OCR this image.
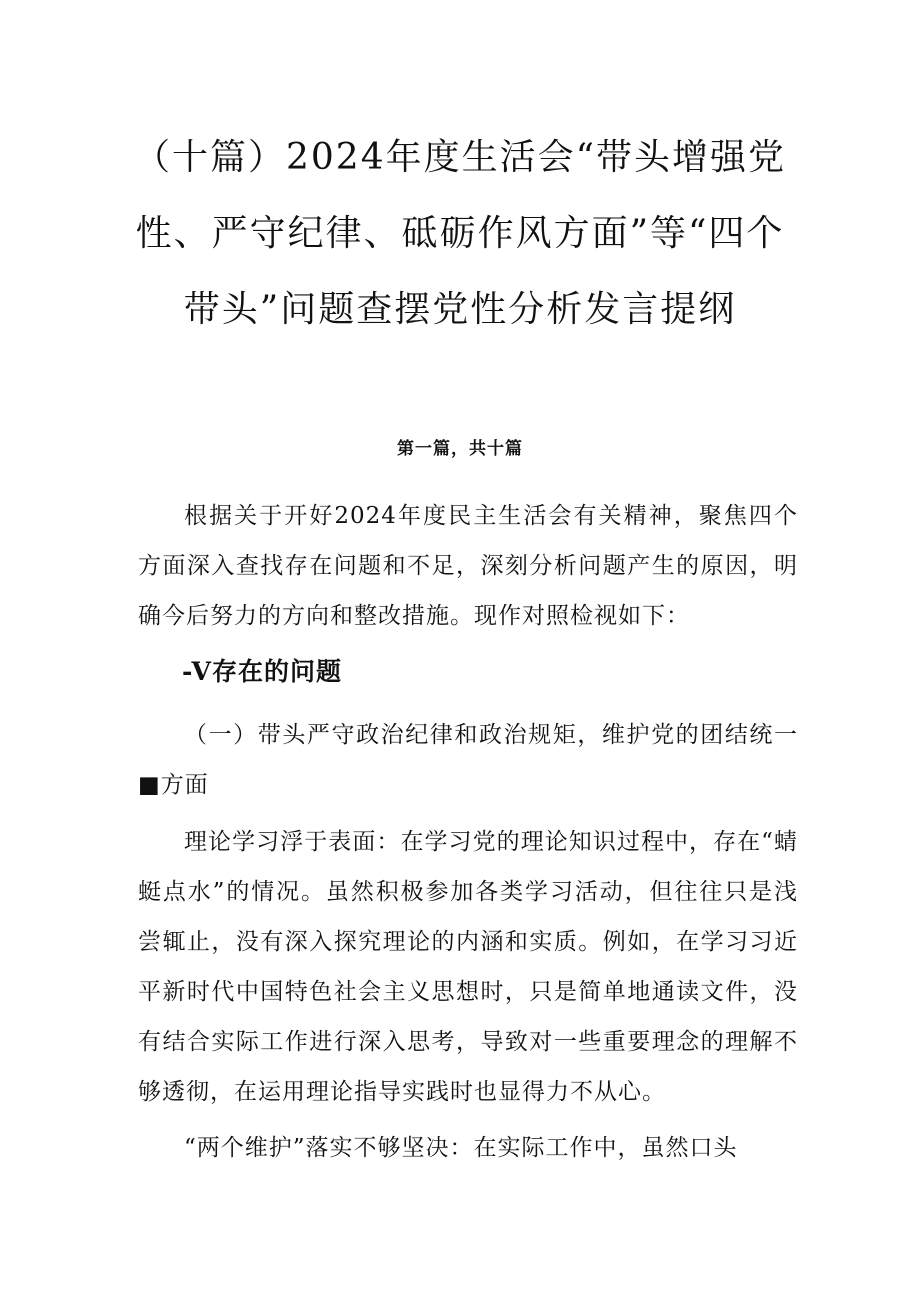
（十篇）2024年度生活会“带头增强党
性、严守纪律、砥砺作风方面”等“四个
带头”问题查摆党性分析发言提纲
第一篇，共十篇

根据关于开好2024年度民主生活会有关精神，聚焦四个方面深入查找存在问题和不足，深刻分析问题产生的原因，明确今后努力的方向和整改措施。现作对照检视如下：

-V存在的问题

（一）带头严守政治纪律和政治规矩，维护党的团结统一■方面

理论学习浮于表面：在学习党的理论知识过程中，存在“蜻蜓点水”的情况。虽然积极参加各类学习活动，但往往只是浅尝辄止，没有深入探究理论的内涵和实质。例如，在学习习近平新时代中国特色社会主义思想时，只是简单地通读文件，没有结合实际工作进行深入思考，导致对一些重要理念的理解不够透彻，在运用理论指导实践时也显得力不从心。

“两个维护”落实不够坚决：在实际工作中，虽然口头
